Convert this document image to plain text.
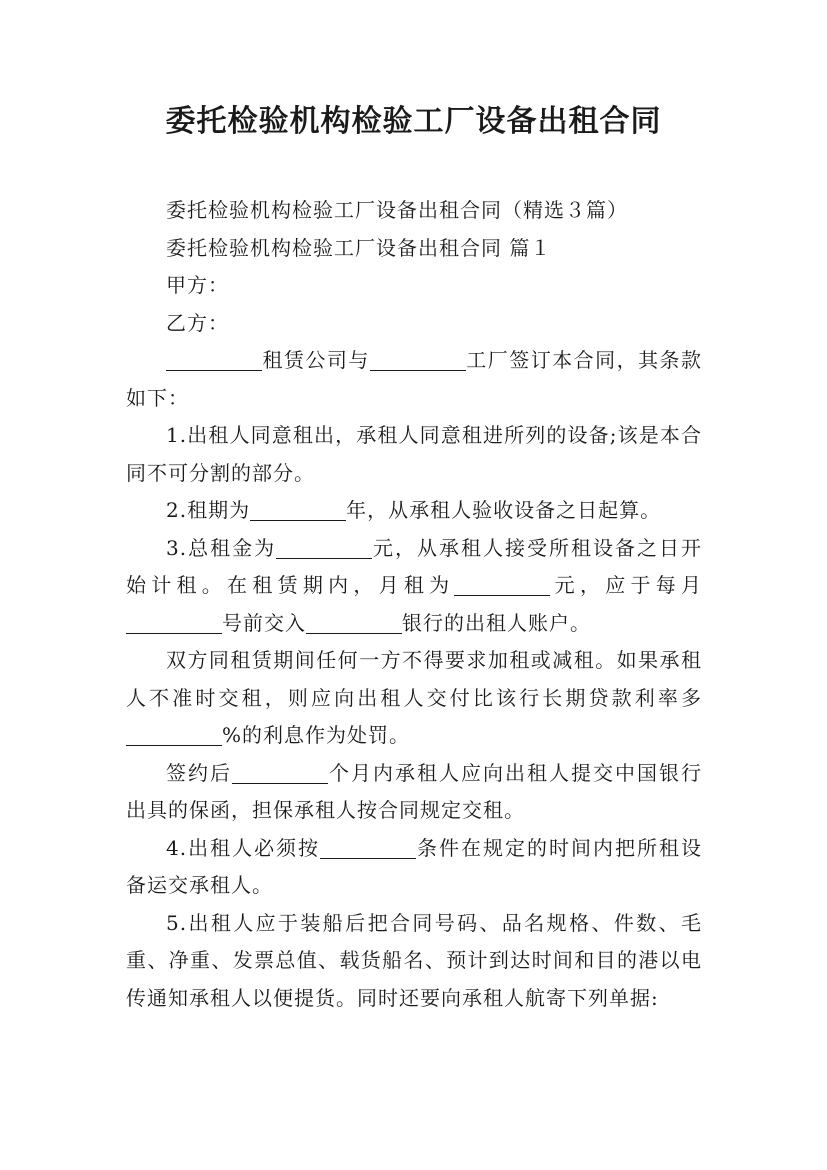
委托检验机构检验工厂设备出租合同

委托检验机构检验工厂设备出租合同（精选３篇）

委托检验机构检验工厂设备出租合同 篇１

甲方：

乙方：

租赁公司与	工厂签订本合同，其条款如下：

1.出租人同意租出，承租人同意租进所列的设备;该是本合同不可分割的部分。

2.租期为	年，从承租人验收设备之日起算。

3.总租金为	元，从承租人接受所租设备之日开始计租。在租赁期内，月租为	元，应于每月号前交入	银行的出租人账户。

双方同租赁期间任何一方不得要求加租或减租。如果承租人不准时交租，则应向出租人交付比该行长期贷款利率多%的利息作为处罚。

签约后	个月内承租人应向出租人提交中国银行出具的保函，担保承租人按合同规定交租。

4.出租人必须按	条件在规定的时间内把所租设备运交承租人。

5.出租人应于装船后把合同号码、品名规格、件数、毛重、净重、发票总值、载货船名、预计到达时间和目的港以电传通知承租人以便提货。同时还要向承租人航寄下列单据:
